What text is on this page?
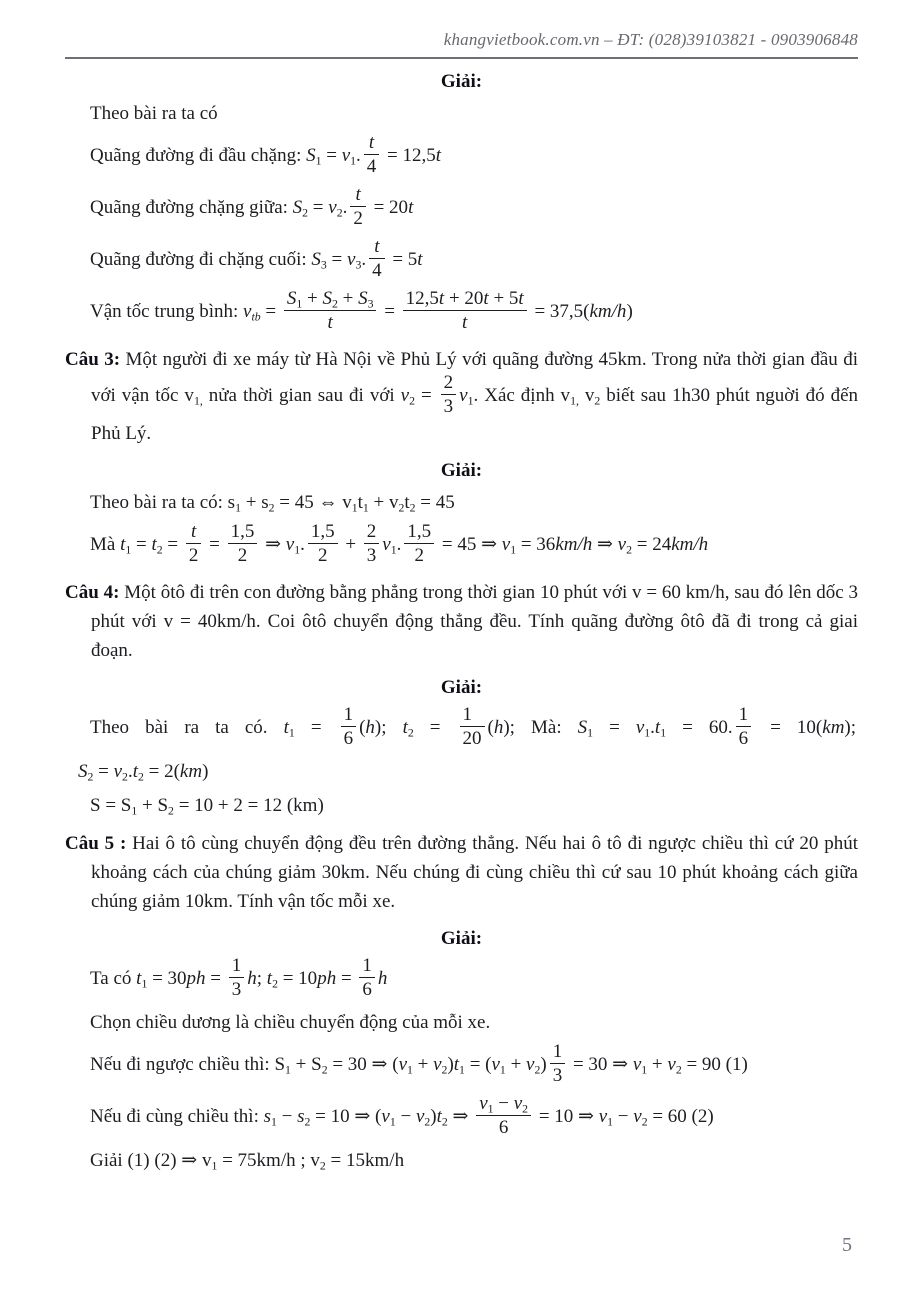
khangvietbook.com.vn – ĐT: (028)39103821 - 0903906848
Giải:
Theo bài ra ta có
Quãng đường đi đầu chặng: $S_1 = v_1$. $\frac{t}{4} = 12,5t$
Quãng đường chặng giữa: $S_2 = v_2$. $\frac{t}{2} = 20t$
Quãng đường đi chặng cuối: $S_3 = v_3$. $\frac{t}{4} = 5t$
Vận tốc trung bình: $v_{tb} = \frac{S_1 + S_2 + S_3}{t} = \frac{12,5t + 20t + 5t}{t} = 37,5(km/h)$
Câu 3: Một người đi xe máy từ Hà Nội về Phủ Lý với quãng đường 45km. Trong nửa thời gian đầu đi với vận tốc $v_{1,}$ nửa thời gian sau đi với $v_2 = \frac{2}{3} v_1$. Xác định $v_{1,}$ $v_2$ biết sau 1h30 phút nguời đó đến Phủ Lý.
Giải:
Theo bài ra ta có: $s_1 + s_2 = 45$ ⇔ $v_1t_1 + v_2t_2 = 45$
Mà $t_1 = t_2 = \frac{t}{2} = \frac{1,5}{2}$ ⇒ $v_1$. $\frac{1,5}{2} + \frac{2}{3} v_1$. $\frac{1,5}{2} = 45$ ⇒ $v_1 = 36km/h$ ⇒ $v_2 = 24km/h$
Câu 4: Một ôtô đi trên con đường bằng phẳng trong thời gian 10 phút với v = 60 km/h, sau đó lên dốc 3 phút với v = 40km/h. Coi ôtô chuyển động thẳng đều. Tính quãng đường ôtô đã đi trong cả giai đoạn.
Giải:
Theo bài ra ta có. $t_1 = \frac{1}{6} (h)$; $t_2 = \frac{1}{20} (h)$; Mà: $S_1 = v_1.t_1 = 60$. $\frac{1}{6} = 10(km)$;
$S_2 = v_2.t_2 = 2(km)$
$S = S_1 + S_2 = 10 + 2 = 12$ (km)
Câu 5 : Hai ô tô cùng chuyển động đều trên đường thẳng. Nếu hai ô tô đi ngược chiều thì cứ 20 phút khoảng cách của chúng giảm 30km. Nếu chúng đi cùng chiều thì cứ sau 10 phút khoảng cách giữa chúng giảm 10km. Tính vận tốc mỗi xe.
Giải:
Ta có $t_1 = 30ph = \frac{1}{3} h$; $t_2 = 10ph = \frac{1}{6}$ h
Chọn chiều dương là chiều chuyển động của mỗi xe.
Nếu đi ngược chiều thì: $S_1 + S_2 = 30$ ⇒ $(v_1 + v_2)t_1 = (v_1 + v_2) \frac{1}{3} = 30$ ⇒ $v_1 + v_2 = 90$ (1)
Nếu đi cùng chiều thì: $s_1 - s_2 = 10$ ⇒ $(v_1 - v_2)t_2$ ⇒ $\frac{v_1 - v_2}{6} = 10$ ⇒ $v_1 - v_2 = 60$ (2)
Giải (1) (2) ⇒ $v_1 = 75km/h$ ; $v_2 = 15km/h$
5
